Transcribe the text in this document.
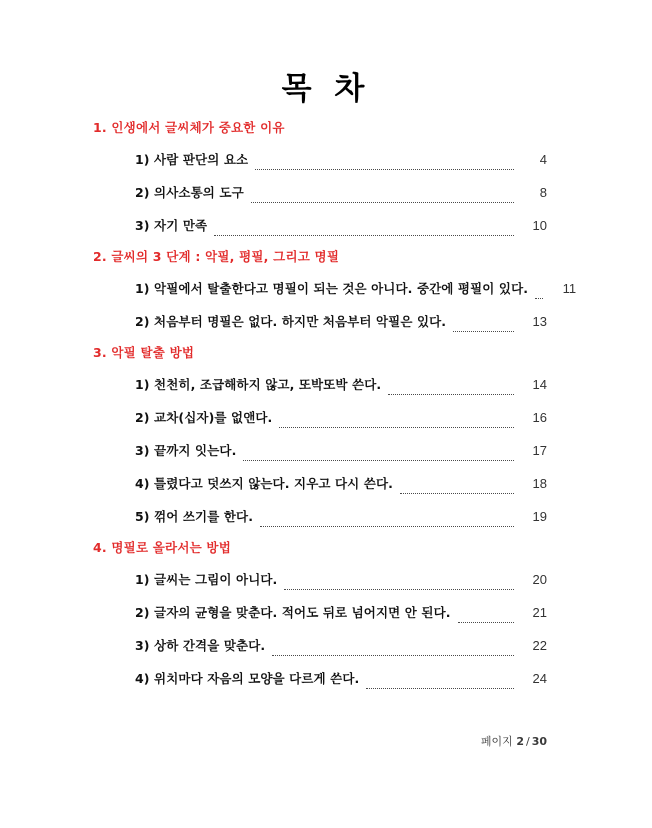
목 차
1. 인생에서 글씨체가 중요한 이유
1) 사람 판단의 요소	4
2) 의사소통의 도구	8
3) 자기 만족	10
2. 글씨의 3 단계 : 악필, 평필, 그리고 명필
1) 악필에서 탈출한다고 명필이 되는 것은 아니다. 중간에 평필이 있다.	11
2) 처음부터 명필은 없다. 하지만 처음부터 악필은 있다.	13
3. 악필 탈출 방법
1) 천천히, 조급해하지 않고, 또박또박 쓴다.	14
2) 교차(십자)를 없앤다.	16
3) 끝까지 잇는다.	17
4) 틀렸다고 덧쓰지 않는다. 지우고 다시 쓴다.	18
5) 꺾어 쓰기를 한다.	19
4. 명필로 올라서는 방법
1) 글씨는 그림이 아니다.	20
2) 글자의 균형을 맞춘다. 적어도 뒤로 넘어지면 안 된다.	21
3) 상하 간격을 맞춘다.	22
4) 위치마다 자음의 모양을 다르게 쓴다.	24
페이지 2 / 30
